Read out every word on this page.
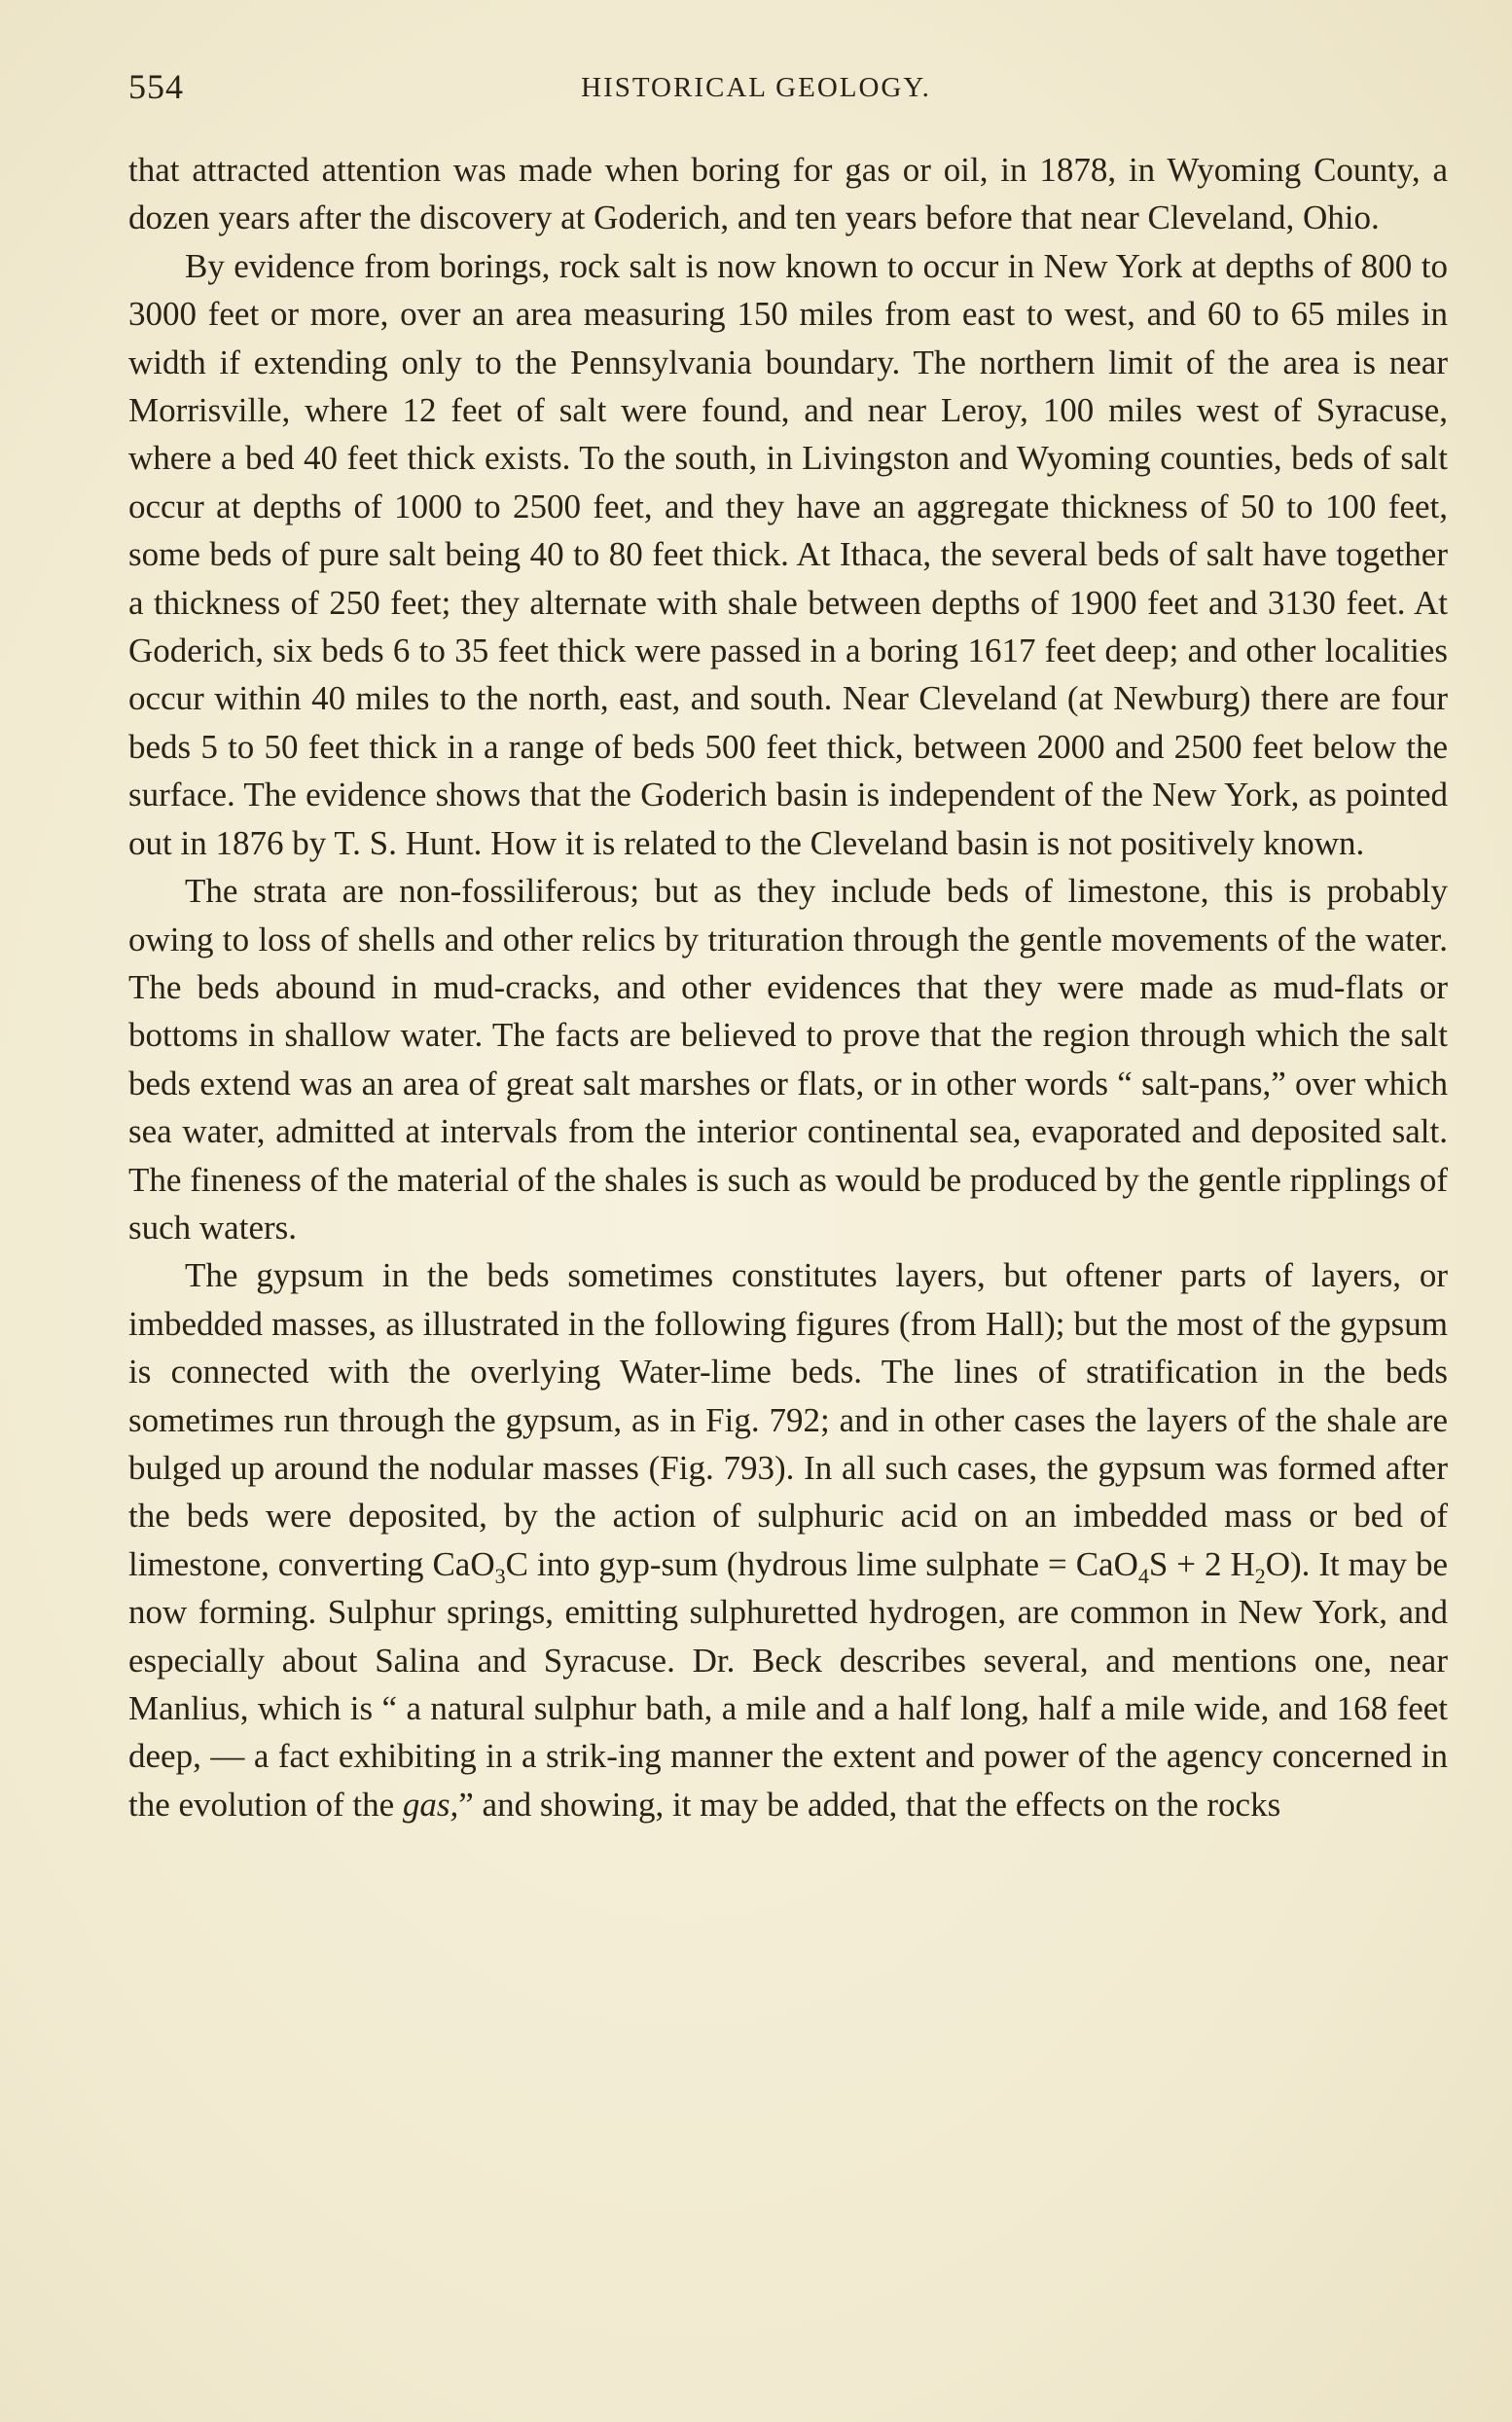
554	HISTORICAL GEOLOGY.

that attracted attention was made when boring for gas or oil, in 1878, in Wyoming County, a dozen years after the discovery at Goderich, and ten years before that near Cleveland, Ohio.

By evidence from borings, rock salt is now known to occur in New York at depths of 800 to 3000 feet or more, over an area measuring 150 miles from east to west, and 60 to 65 miles in width if extending only to the Pennsylvania boundary. The northern limit of the area is near Morrisville, where 12 feet of salt were found, and near Leroy, 100 miles west of Syracuse, where a bed 40 feet thick exists. To the south, in Livingston and Wyoming counties, beds of salt occur at depths of 1000 to 2500 feet, and they have an aggregate thickness of 50 to 100 feet, some beds of pure salt being 40 to 80 feet thick. At Ithaca, the several beds of salt have together a thickness of 250 feet; they alternate with shale between depths of 1900 feet and 3130 feet. At Goderich, six beds 6 to 35 feet thick were passed in a boring 1617 feet deep; and other localities occur within 40 miles to the north, east, and south. Near Cleveland (at Newburg) there are four beds 5 to 50 feet thick in a range of beds 500 feet thick, between 2000 and 2500 feet below the surface. The evidence shows that the Goderich basin is independent of the New York, as pointed out in 1876 by T. S. Hunt. How it is related to the Cleveland basin is not positively known.

The strata are non-fossiliferous; but as they include beds of limestone, this is probably owing to loss of shells and other relics by trituration through the gentle movements of the water. The beds abound in mud-cracks, and other evidences that they were made as mud-flats or bottoms in shallow water. The facts are believed to prove that the region through which the salt beds extend was an area of great salt marshes or flats, or in other words “ salt-pans,” over which sea water, admitted at intervals from the interior continental sea, evaporated and deposited salt. The fineness of the material of the shales is such as would be produced by the gentle ripplings of such waters.

The gypsum in the beds sometimes constitutes layers, but oftener parts of layers, or imbedded masses, as illustrated in the following figures (from Hall); but the most of the gypsum is connected with the overlying Water-lime beds. The lines of stratification in the beds sometimes run through the gypsum, as in Fig. 792; and in other cases the layers of the shale are bulged up around the nodular masses (Fig. 793). In all such cases, the gypsum was formed after the beds were deposited, by the action of sulphuric acid on an imbedded mass or bed of limestone, converting CaO$_3$C into gyp-sum (hydrous lime sulphate = CaO$_4$S + 2 $H_2O$). It may be now forming. Sulphur springs, emitting sulphuretted hydrogen, are common in New York, and especially about Salina and Syracuse. Dr. Beck describes several, and mentions one, near Manlius, which is “ a natural sulphur bath, a mile and a half long, half a mile wide, and 168 feet deep, — a fact exhibiting in a strik-ing manner the extent and power of the agency concerned in the evolution of the gas,” and showing, it may be added, that the effects on the rocks
